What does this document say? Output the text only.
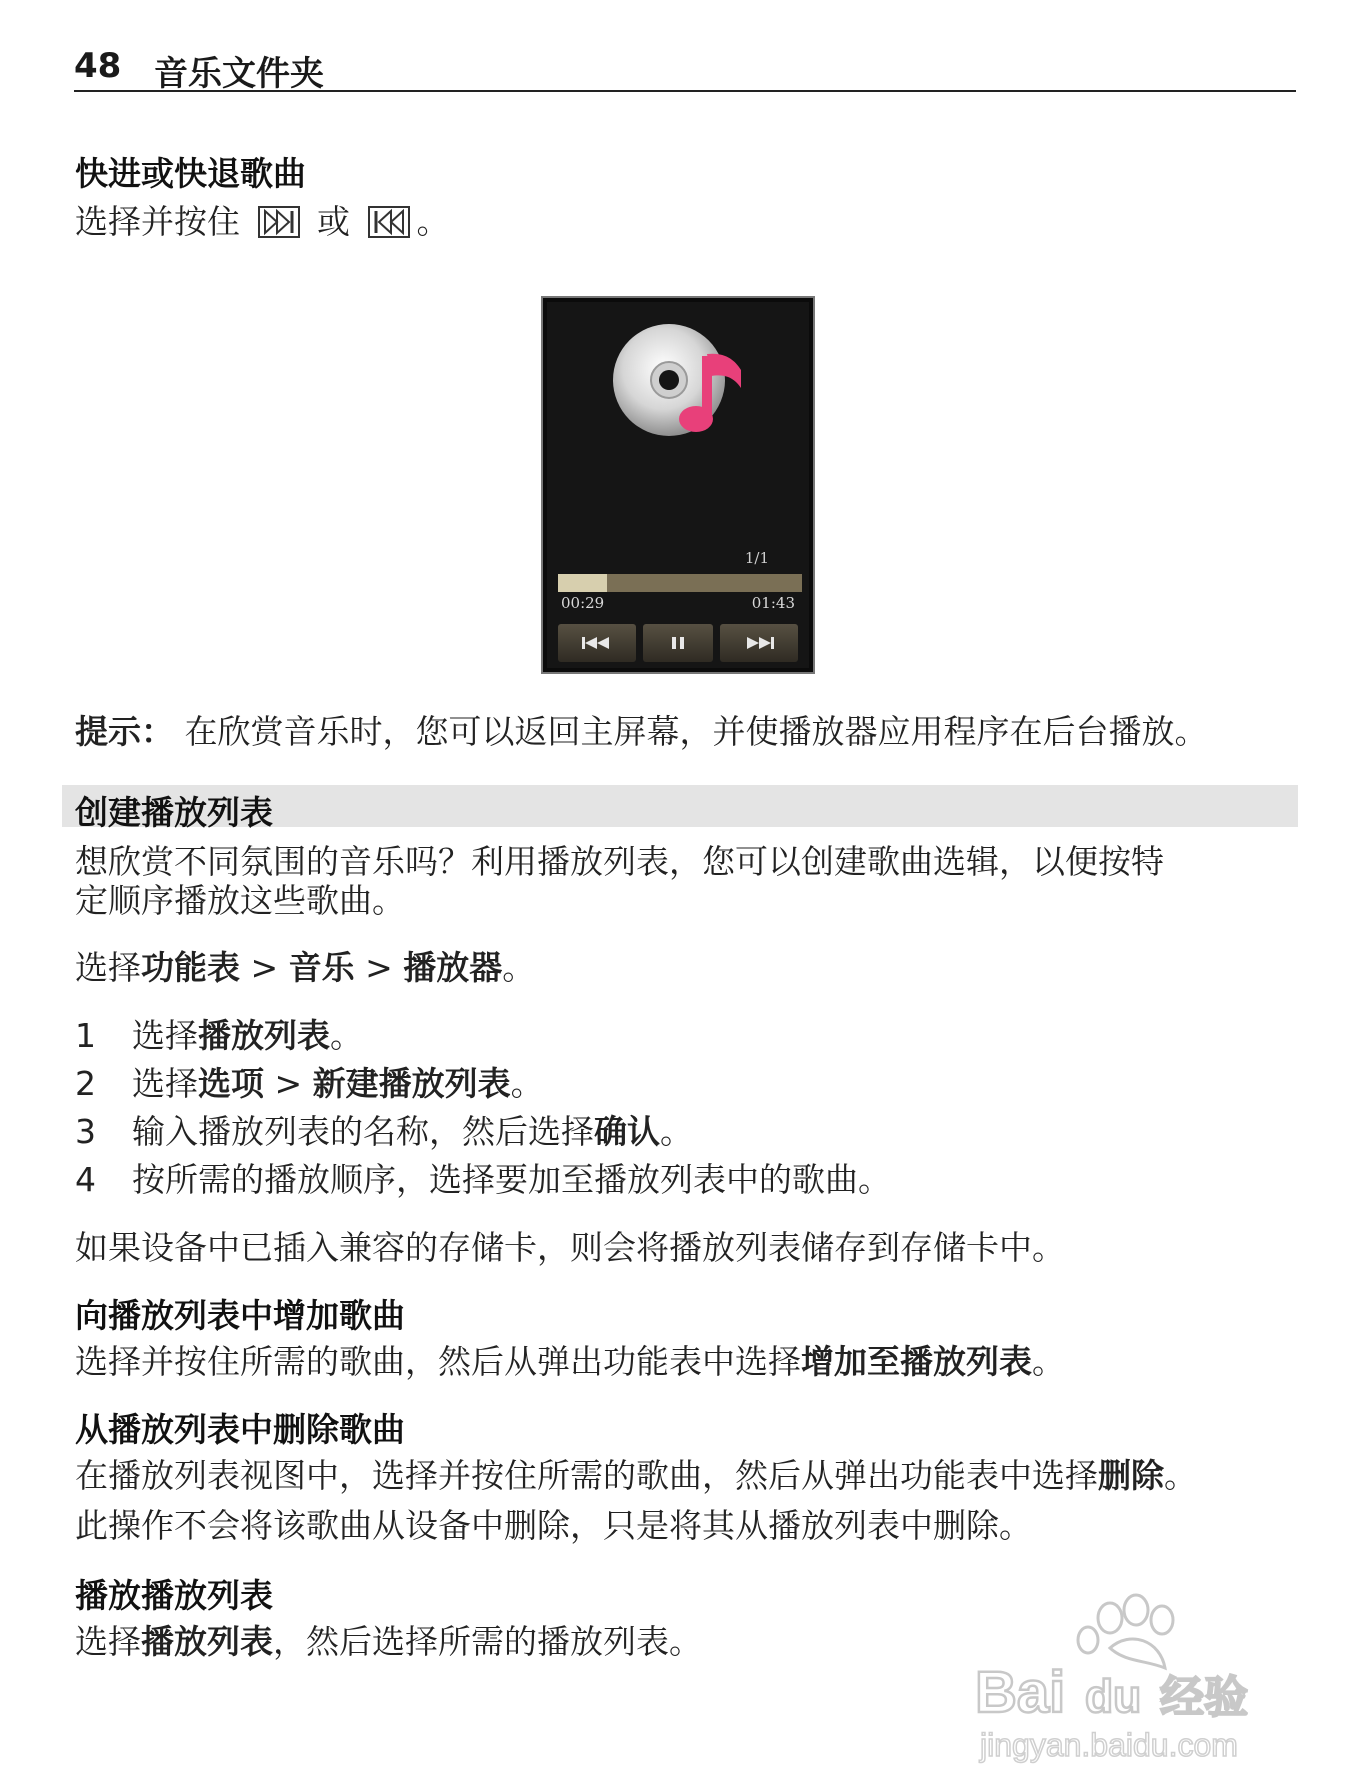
48 音乐文件夹
快进或快退歌曲
选择并按住 或 。
1/1
00:29	01:43
提示： 在欣赏音乐时，您可以返回主屏幕，并使播放器应用程序在后台播放。
创建播放列表
想欣赏不同氛围的音乐吗？利用播放列表，您可以创建歌曲选辑，以便按特
定顺序播放这些歌曲。
选择功能表 > 音乐 > 播放器。
1 选择播放列表。
2 选择选项 > 新建播放列表。
3 输入播放列表的名称，然后选择确认。
4 按所需的播放顺序，选择要加至播放列表中的歌曲。
如果设备中已插入兼容的存储卡，则会将播放列表储存到存储卡中。
向播放列表中增加歌曲
选择并按住所需的歌曲，然后从弹出功能表中选择增加至播放列表。
从播放列表中删除歌曲
在播放列表视图中，选择并按住所需的歌曲，然后从弹出功能表中选择删除。
此操作不会将该歌曲从设备中删除，只是将其从播放列表中删除。
播放播放列表
选择播放列表，然后选择所需的播放列表。
Bai du 经验
jingyan.baidu.com
